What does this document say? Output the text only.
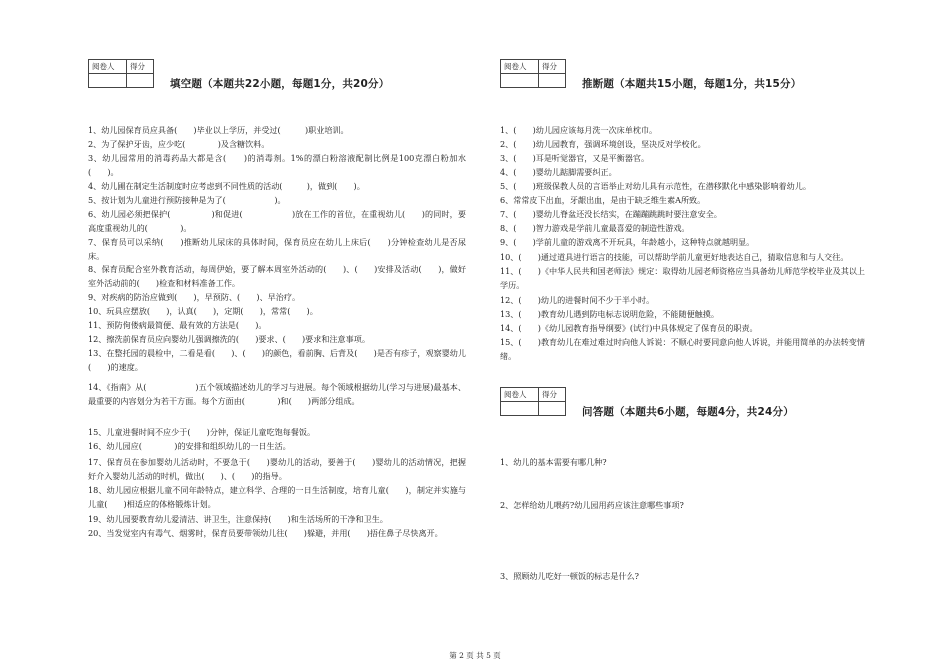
阅卷人	得分

填空题（本题共22小题，每题1分，共20分）
1、幼儿园保育员应具备(　　)毕业以上学历，并受过(　　　)职业培训。
2、为了保护牙齿，应少吃(　　　　)及含糖饮料。
3、幼儿园常用的消毒药品大都是含(　　)的消毒剂。1%的漂白粉溶液配制比例是100克漂白粉加水(　　)。
4、幼儿圃在制定生活制度时应考虑到不同性质的活动(　　　)，做到(　　)。
5、按计划为儿童进行预防接种是为了(　　　　　　)。
6、幼儿园必须把保护(　　　　　)和促进(　　　　　　)放在工作的首位，在重视幼儿(　　)的同时，要高度重视幼儿的(　　　　)。
7、保育员可以采纳(　　)推断幼儿尿床的具体时间，保育员应在幼儿上床后(　　)分钟检查幼儿是否尿床。
8、保育员配合室外教育活动，每周伊始，要了解本周室外活动的(　　)、(　　)安排及活动(　　)，做好室外活动前的(　　)检查和材料准备工作。
9、对疾病的防治应做到(　　)，早预防、(　　)、早治疗。
10、玩具应摆放(　　)，认真(　　)，定期(　　)，常常(　　)。
11、预防佝偻病最简便、最有效的方法是(　　)。
12、擦洗前保育员应向婴幼儿强调擦洗的(　　)要求、(　　)要求和注意事项。
13、在整托园的晨检中，二看是看(　　)、(　　)的颜色，看前胸、后背及(　　)是否有疹子，观察婴幼儿(　　)的速度。
14、《指南》从(　　　　　　)五个领域描述幼儿的学习与进展。每个领域根据幼儿(学习与进展)最基本、最重要的内容划分为若干方面。每个方面由(　　　　)和(　　)两部分组成。
15、儿童进餐时间不应少于(　　)分钟，保证儿童吃饱每餐饭。
16、幼儿园应(　　　　)的安排和组织幼儿的一日生活。
17、保育员在参加婴幼儿活动时，不要急于(　　)婴幼儿的活动，要善于(　　)婴幼儿的活动情况，把握好介入婴幼儿活动的时机，做出(　　)、(　　)的指导。
18、幼儿园应根据儿童不同年龄特点，建立科学、合理的一日生活制度，培育儿童(　　)，制定并实施与儿童(　　)相适应的体格锻炼计划。
19、幼儿园要教育幼儿爱清洁、讲卫生，注意保持(　　)和生活场所的干净和卫生。
20、当发觉室内有毒气、烟雾时，保育员要带领幼儿往(　　)躲避，并用(　　)捂住鼻子尽快离开。
阅卷人	得分

推断题（本题共15小题，每题1分，共15分）
1、(　　)幼儿园应该每月洗一次床单枕巾。
2、(　　)幼儿园教育，强调环境创设，坚决反对学校化。
3、(　　)耳是听觉器官，又是平衡器官。
4、(　　)婴幼儿踮脚需要纠正。
5、(　　)班级保教人员的言语举止对幼儿具有示范性，在潜移默化中感染影响着幼儿。
6、常常皮下出血，牙龈出血，是由于缺乏维生素A所致。
7、(　　)婴幼儿脊盆还没长结实，在蹦蹦跳跳时要注意安全。
8、(　　)智力游戏是学前儿童最喜爱的制造性游戏。
9、(　　)学前儿童的游戏离不开玩具，年龄越小，这种特点就越明显。
10、(　　)通过道具进行语言的技能，可以帮助学前儿童更好地表达自己，猜取信息和与人交往。
11、(　　)《中华人民共和国老师法》规定：取得幼儿园老师资格应当具备幼儿师范学校毕业及其以上学历。
12、(　　)幼儿的进餐时间不少于半小时。
13、(　　)教育幼儿遇到防电标志说明危险，不能随便触摸。
14、(　　)《幼儿园教育指导纲要》(试行)中具体规定了保育员的职责。
15、(　　)教育幼儿在难过难过时向他人诉说：不顺心时要同意向他人诉说，并能用简单的办法转变情绪。
阅卷人	得分

问答题（本题共6小题，每题4分，共24分）
1、幼儿的基本需要有哪几种?
2、怎样给幼儿喂药?幼儿园用药应该注意哪些事项?
3、照顾幼儿吃好一顿饭的标志是什么?
第 2 页 共 5 页
